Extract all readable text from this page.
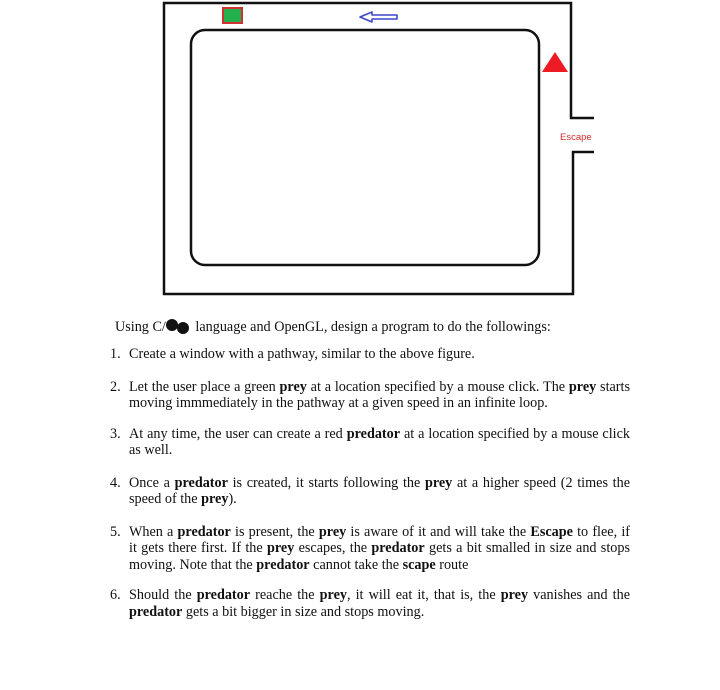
Escape
Using C/ language and OpenGL, design a program to do the followings:
1. Create a window with a pathway, similar to the above figure.
2. Let the user place a green prey at a location specified by a mouse click. The prey starts moving immmediately in the pathway at a given speed in an infinite loop.
3. At any time, the user can create a red predator at a location specified by a mouse click as well.
4. Once a predator is created, it starts following the prey at a higher speed (2 times the speed of the prey).
5. When a predator is present, the prey is aware of it and will take the Escape to flee, if it gets there first. If the prey escapes, the predator gets a bit smalled in size and stops moving. Note that the predator cannot take the scape route
6. Should the predator reache the prey, it will eat it, that is, the prey vanishes and the predator gets a bit bigger in size and stops moving.
